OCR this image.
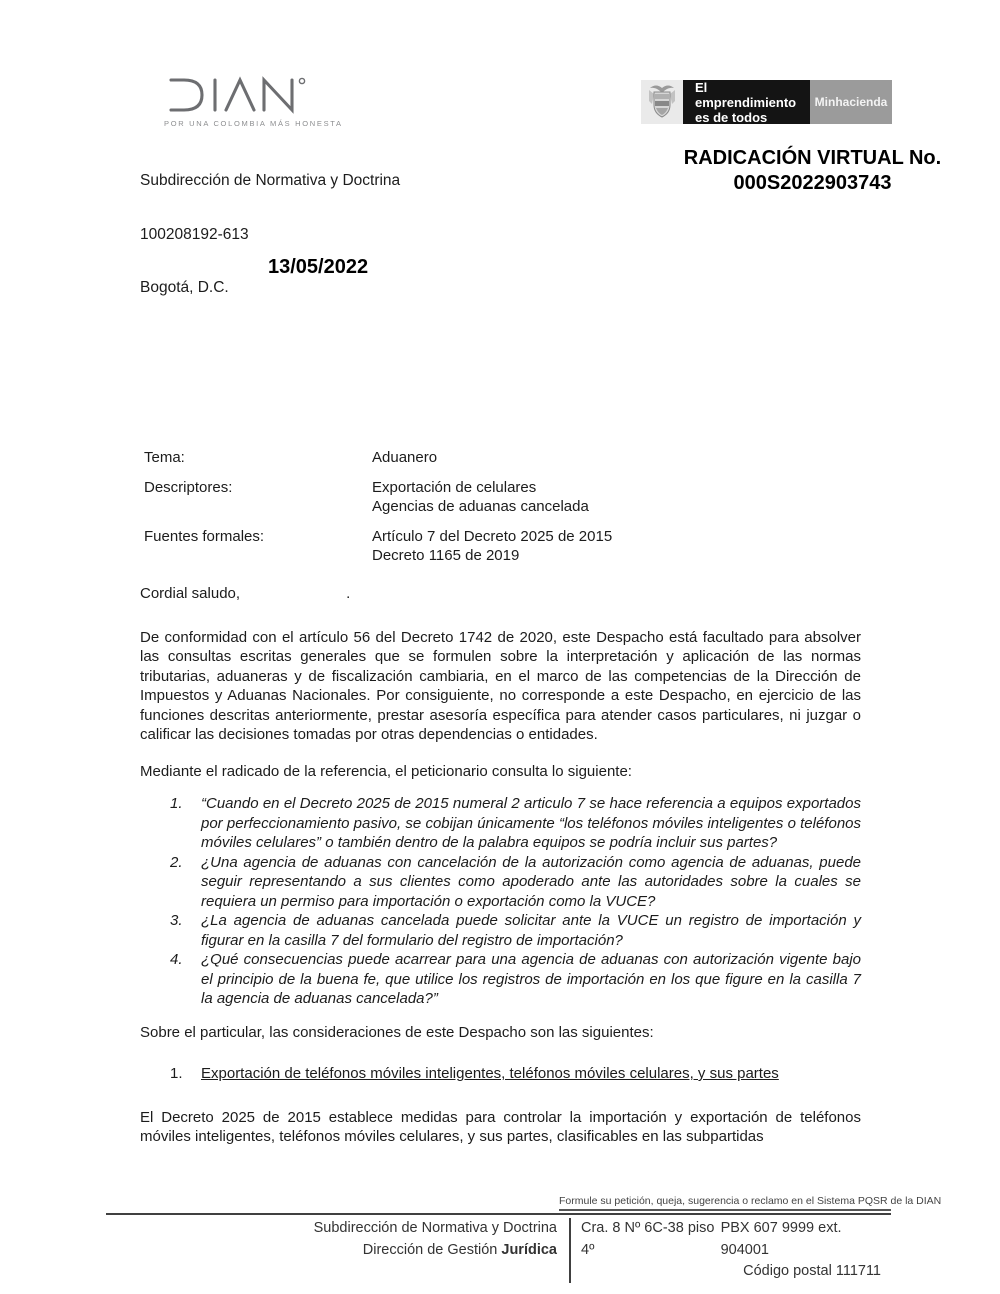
POR UNA COLOMBIA MÁS HONESTA
El emprendimiento
es de todos
Minhacienda
RADICACIÓN VIRTUAL No.
000S2022903743
Subdirección de Normativa y Doctrina
100208192-613
13/05/2022
Bogotá, D.C.
Tema:	Aduanero
Descriptores:	Exportación de celulares
Agencias de aduanas cancelada
Fuentes formales:	Artículo 7 del Decreto 2025 de 2015
Decreto 1165 de 2019

Cordial saludo,	.

De conformidad con el artículo 56 del Decreto 1742 de 2020, este Despacho está facultado para absolver las consultas escritas generales que se formulen sobre la interpretación y aplicación de las normas tributarias, aduaneras y de fiscalización cambiaria, en el marco de las competencias de la Dirección de Impuestos y Aduanas Nacionales. Por consiguiente, no corresponde a este Despacho, en ejercicio de las funciones descritas anteriormente, prestar asesoría específica para atender casos particulares, ni juzgar o calificar las decisiones tomadas por otras dependencias o entidades.

Mediante el radicado de la referencia, el peticionario consulta lo siguiente:

1.	“Cuando en el Decreto 2025 de 2015 numeral 2 articulo 7 se hace referencia a equipos exportados por perfeccionamiento pasivo, se cobijan únicamente “los teléfonos móviles inteligentes o teléfonos móviles celulares” o también dentro de la palabra equipos se podría incluir sus partes?
2.	¿Una agencia de aduanas con cancelación de la autorización como agencia de aduanas, puede seguir representando a sus clientes como apoderado ante las autoridades sobre la cuales se requiera un permiso para importación o exportación como la VUCE?
3.	¿La agencia de aduanas cancelada puede solicitar ante la VUCE un registro de importación y figurar en la casilla 7 del formulario del registro de importación?
4.	¿Qué consecuencias puede acarrear para una agencia de aduanas con autorización vigente bajo el principio de la buena fe, que utilice los registros de importación en los que figure en la casilla 7 la agencia de aduanas cancelada?”

Sobre el particular, las consideraciones de este Despacho son las siguientes:

1. Exportación de teléfonos móviles inteligentes, teléfonos móviles celulares, y sus partes

El Decreto 2025 de 2015 establece medidas para controlar la importación y exportación de teléfonos móviles inteligentes, teléfonos móviles celulares, y sus partes, clasificables en las subpartidas

Formule su petición, queja, sugerencia o reclamo en el Sistema PQSR de la DIAN
Subdirección de Normativa y Doctrina
Dirección de Gestión Jurídica
Cra. 8 Nº 6C-38 piso 4º
PBX 607 9999 ext. 904001
Código postal 111711
